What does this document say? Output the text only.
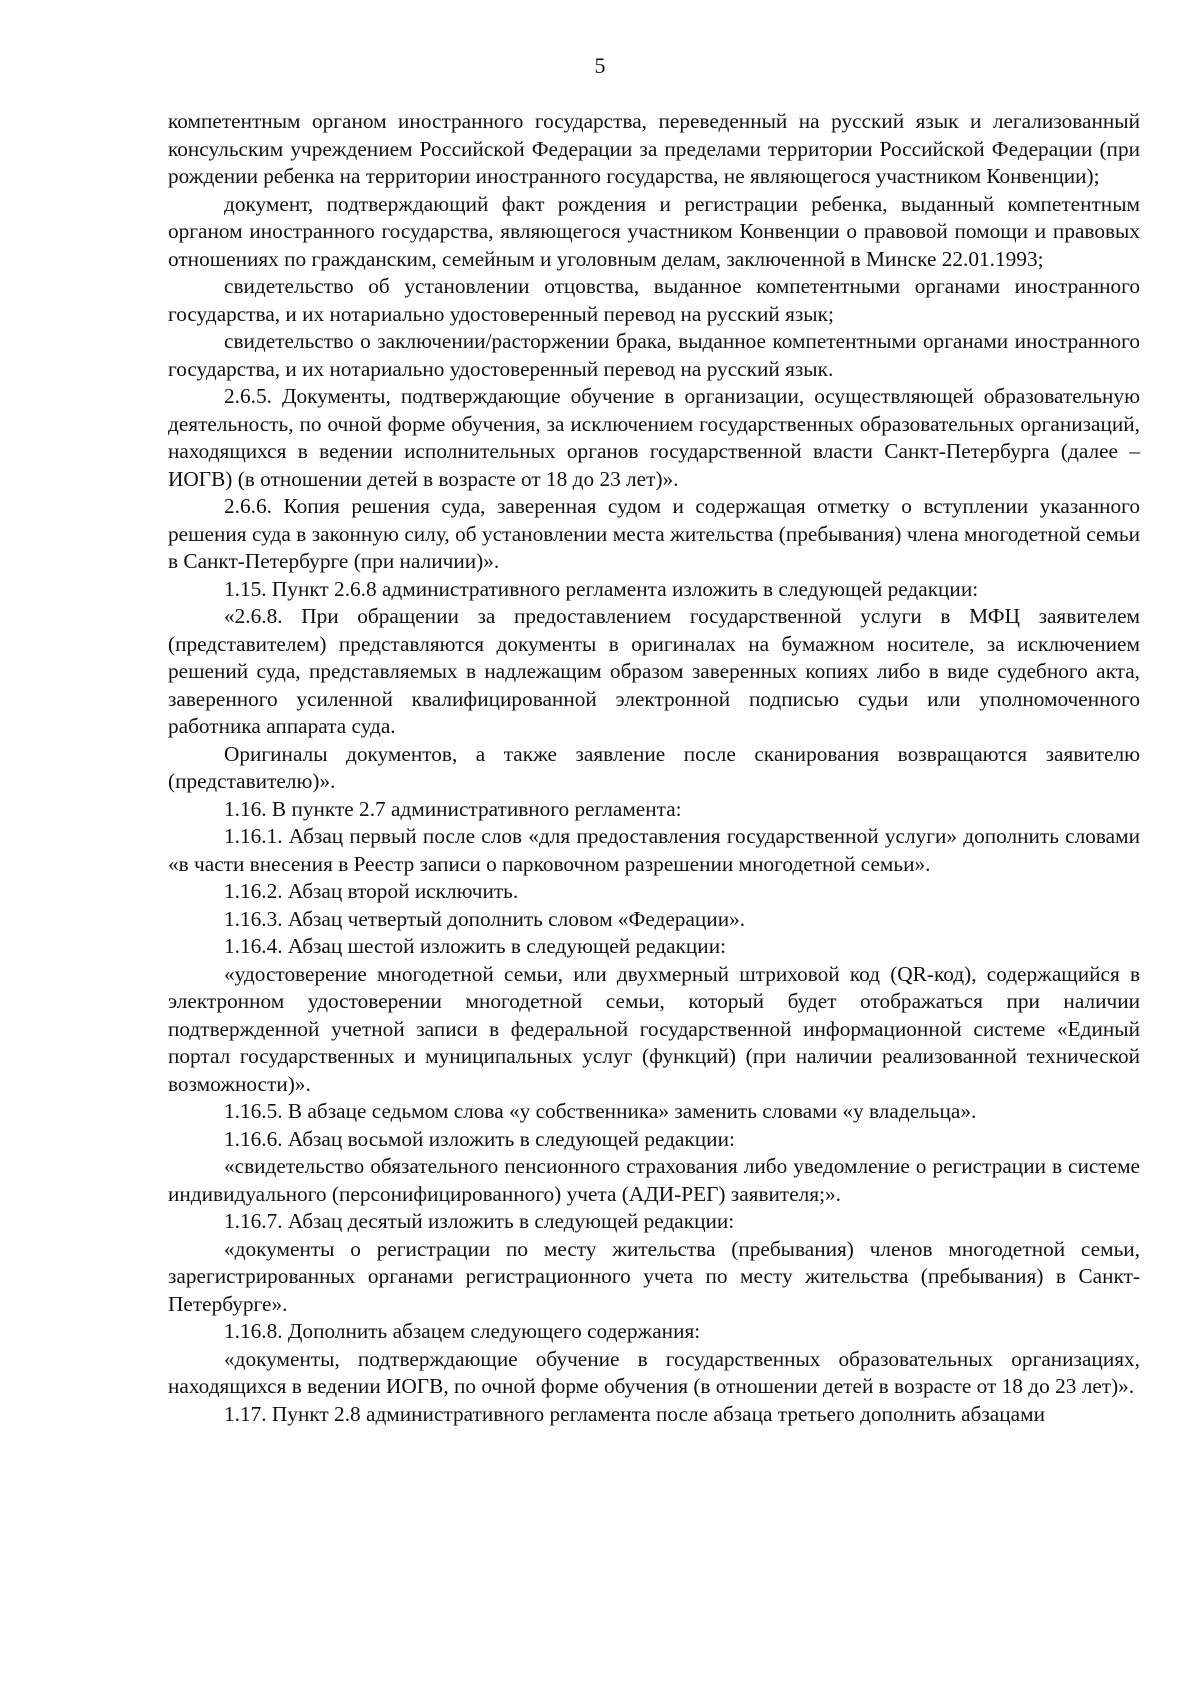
5

компетентным органом иностранного государства, переведенный на русский язык и легализованный консульским учреждением Российской Федерации за пределами территории Российской Федерации (при рождении ребенка на территории иностранного государства, не являющегося участником Конвенции);

документ, подтверждающий факт рождения и регистрации ребенка, выданный компетентным органом иностранного государства, являющегося участником Конвенции о правовой помощи и правовых отношениях по гражданским, семейным и уголовным делам, заключенной в Минске 22.01.1993;

свидетельство об установлении отцовства, выданное компетентными органами иностранного государства, и их нотариально удостоверенный перевод на русский язык;

свидетельство о заключении/расторжении брака, выданное компетентными органами иностранного государства, и их нотариально удостоверенный перевод на русский язык.

2.6.5. Документы, подтверждающие обучение в организации, осуществляющей образовательную деятельность, по очной форме обучения, за исключением государственных образовательных организаций, находящихся в ведении исполнительных органов государственной власти Санкт-Петербурга (далее – ИОГВ) (в отношении детей в возрасте от 18 до 23 лет)».

2.6.6. Копия решения суда, заверенная судом и содержащая отметку о вступлении указанного решения суда в законную силу, об установлении места жительства (пребывания) члена многодетной семьи в Санкт-Петербурге (при наличии)».

1.15. Пункт 2.6.8 административного регламента изложить в следующей редакции:

«2.6.8. При обращении за предоставлением государственной услуги в МФЦ заявителем (представителем) представляются документы в оригиналах на бумажном носителе, за исключением решений суда, представляемых в надлежащим образом заверенных копиях либо в виде судебного акта, заверенного усиленной квалифицированной электронной подписью судьи или уполномоченного работника аппарата суда.

Оригиналы документов, а также заявление после сканирования возвращаются заявителю (представителю)».

1.16. В пункте 2.7 административного регламента:

1.16.1. Абзац первый после слов «для предоставления государственной услуги» дополнить словами «в части внесения в Реестр записи о парковочном разрешении многодетной семьи».

1.16.2. Абзац второй исключить.

1.16.3. Абзац четвертый дополнить словом «Федерации».

1.16.4. Абзац шестой изложить в следующей редакции:

«удостоверение многодетной семьи, или двухмерный штриховой код (QR-код), содержащийся в электронном удостоверении многодетной семьи, который будет отображаться при наличии подтвержденной учетной записи в федеральной государственной информационной системе «Единый портал государственных и муниципальных услуг (функций) (при наличии реализованной технической возможности)».

1.16.5. В абзаце седьмом слова «у собственника» заменить словами «у владельца».

1.16.6. Абзац восьмой изложить в следующей редакции:

«свидетельство обязательного пенсионного страхования либо уведомление о регистрации в системе индивидуального (персонифицированного) учета (АДИ-РЕГ) заявителя;».

1.16.7. Абзац десятый изложить в следующей редакции:

«документы о регистрации по месту жительства (пребывания) членов многодетной семьи, зарегистрированных органами регистрационного учета по месту жительства (пребывания) в Санкт-Петербурге».

1.16.8. Дополнить абзацем следующего содержания:

«документы, подтверждающие обучение в государственных образовательных организациях, находящихся в ведении ИОГВ, по очной форме обучения (в отношении детей в возрасте от 18 до 23 лет)».

1.17. Пункт 2.8 административного регламента после абзаца третьего дополнить абзацами
